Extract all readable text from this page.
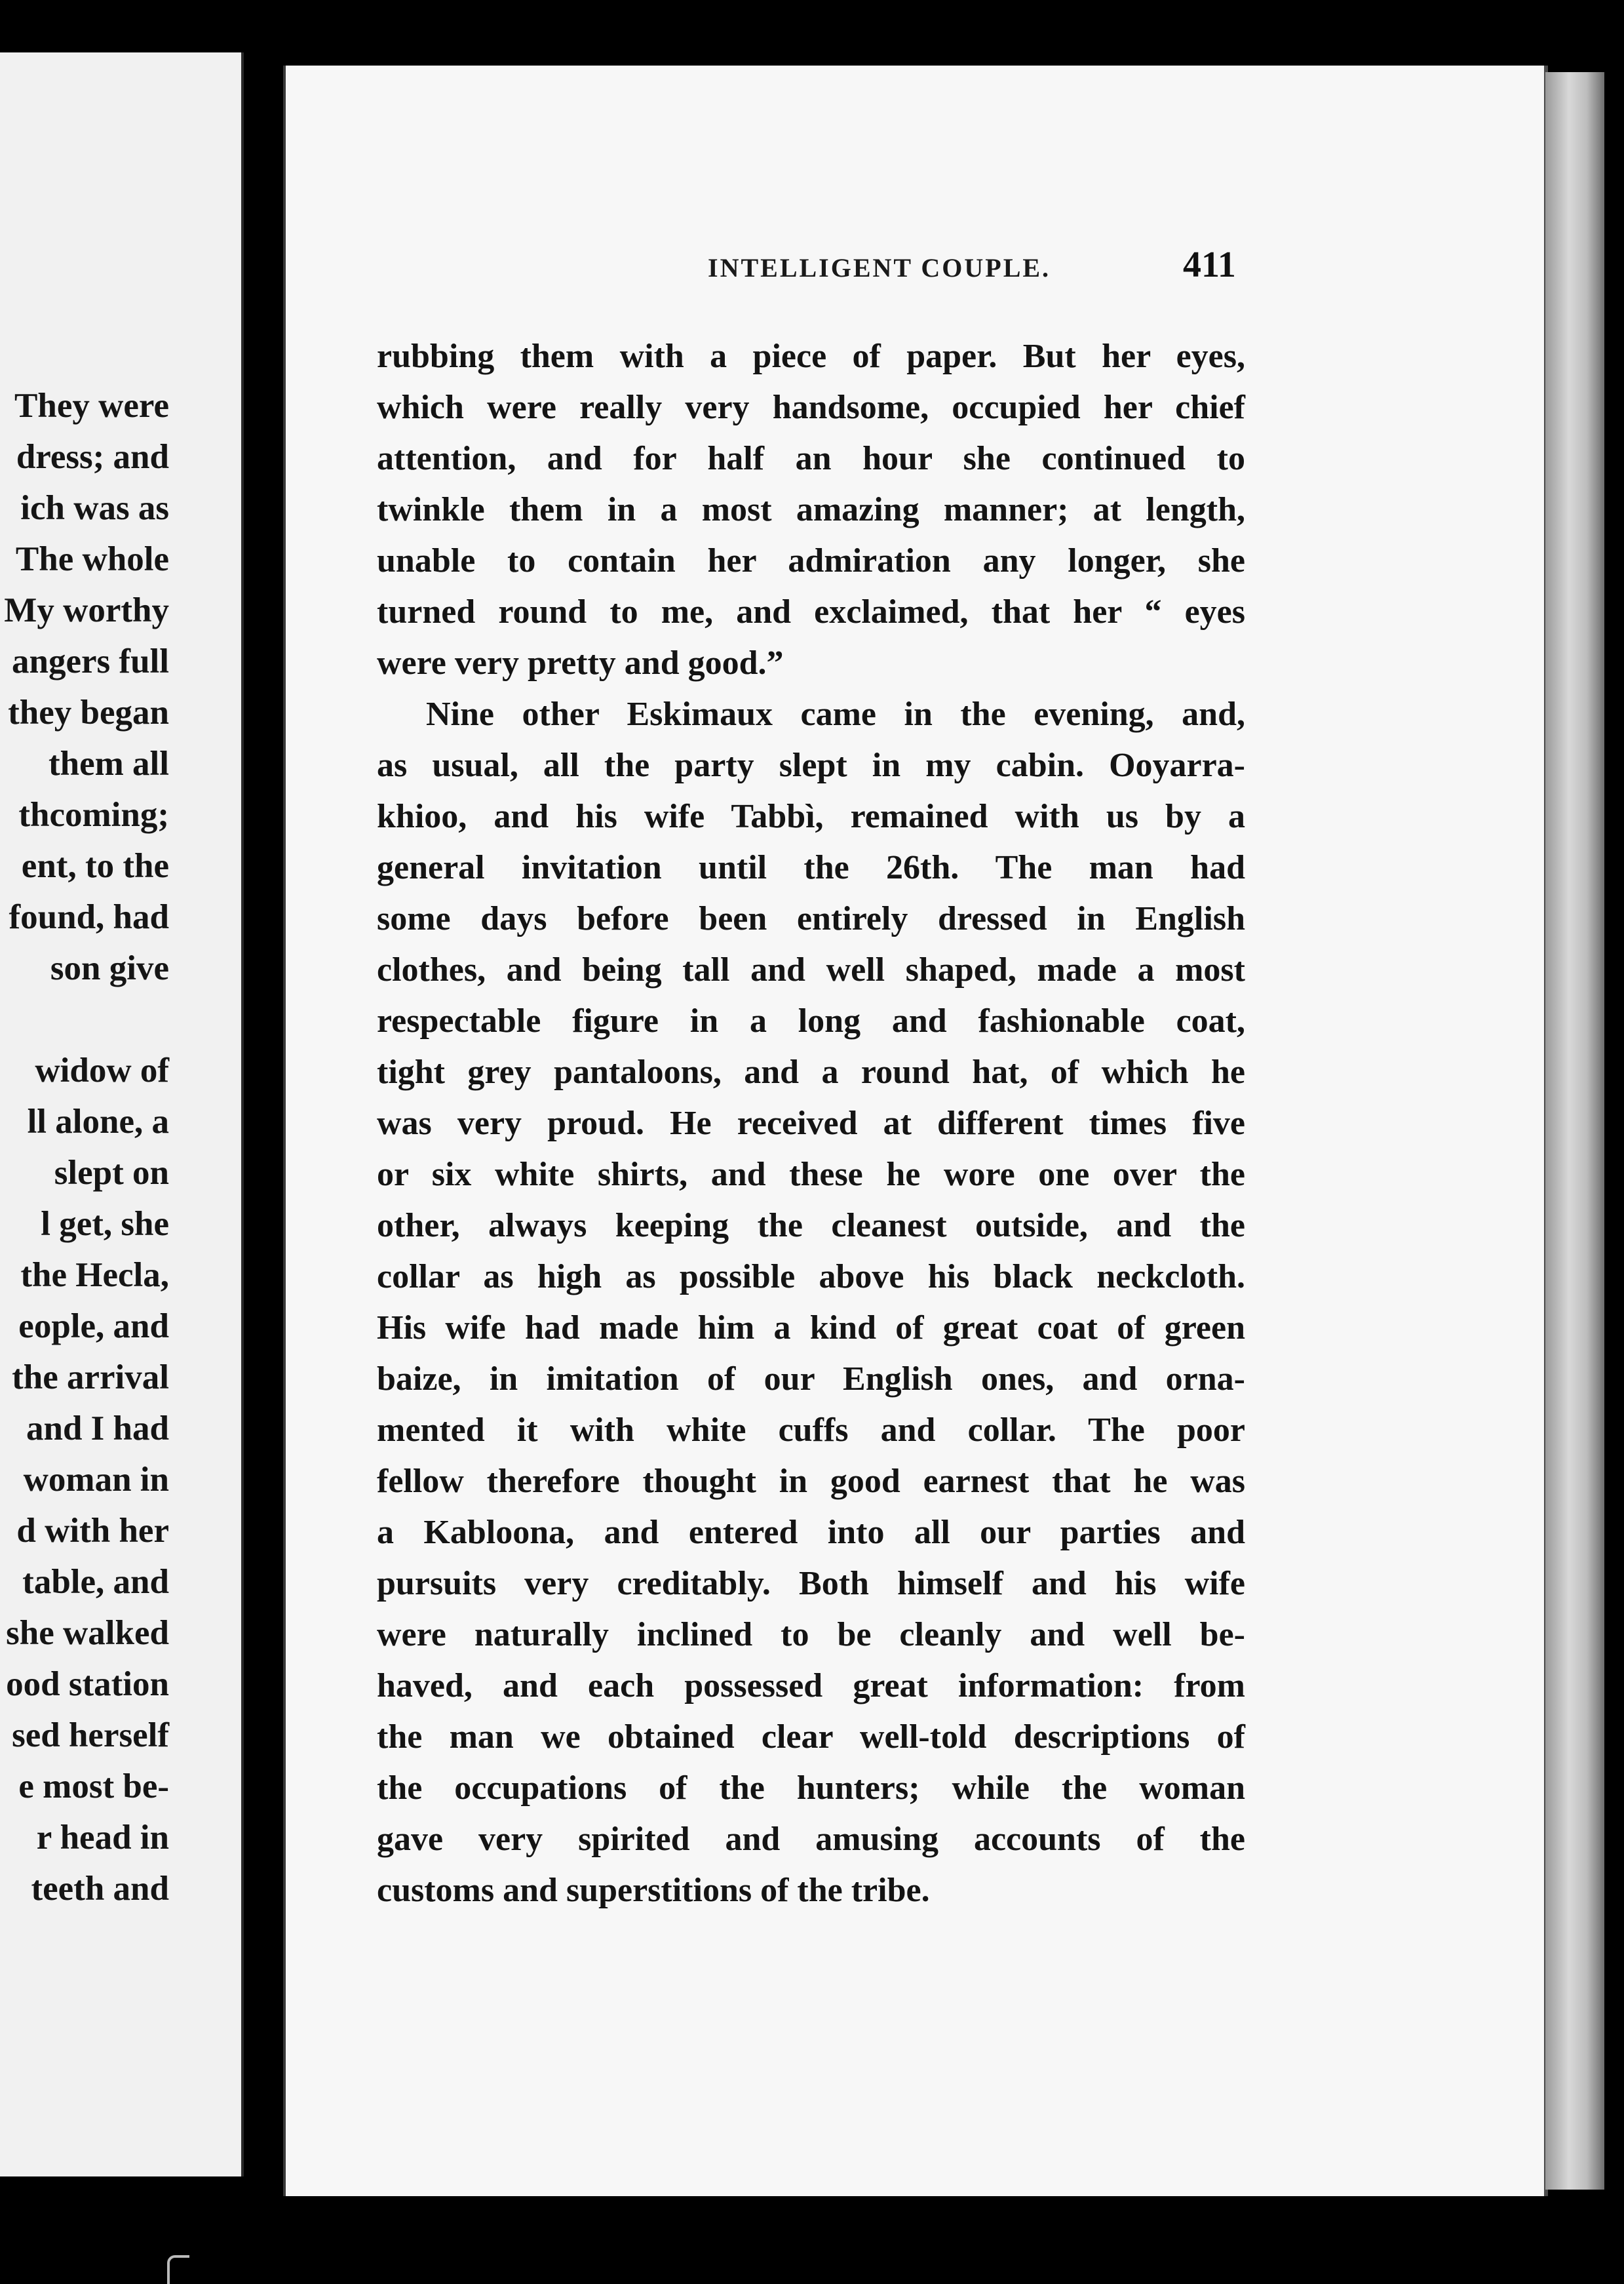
They were
dress; and
ich was as
The whole
My worthy
angers full
they began
them all
thcoming;
ent, to the
found, had
son give
widow of
ll alone, a
slept on
l get, she
the Hecla,
eople, and
the arrival
and I had
woman in
d with her
table, and
she walked
ood station
sed herself
e most be-
r head in
teeth and
INTELLIGENT COUPLE.	411
rubbing them with a piece of paper. But her eyes,
which were really very handsome, occupied her chief
attention, and for half an hour she continued to
twinkle them in a most amazing manner; at length,
unable to contain her admiration any longer, she
turned round to me, and exclaimed, that her “ eyes
were very pretty and good.”
Nine other Eskimaux came in the evening, and,
as usual, all the party slept in my cabin. Ooyarra-
khioo, and his wife Tabbì, remained with us by a
general invitation until the 26th. The man had
some days before been entirely dressed in English
clothes, and being tall and well shaped, made a most
respectable figure in a long and fashionable coat,
tight grey pantaloons, and a round hat, of which he
was very proud. He received at different times five
or six white shirts, and these he wore one over the
other, always keeping the cleanest outside, and the
collar as high as possible above his black neckcloth.
His wife had made him a kind of great coat of green
baize, in imitation of our English ones, and orna-
mented it with white cuffs and collar. The poor
fellow therefore thought in good earnest that he was
a Kabloona, and entered into all our parties and
pursuits very creditably. Both himself and his wife
were naturally inclined to be cleanly and well be-
haved, and each possessed great information: from
the man we obtained clear well-told descriptions of
the occupations of the hunters; while the woman
gave very spirited and amusing accounts of the
customs and superstitions of the tribe.
